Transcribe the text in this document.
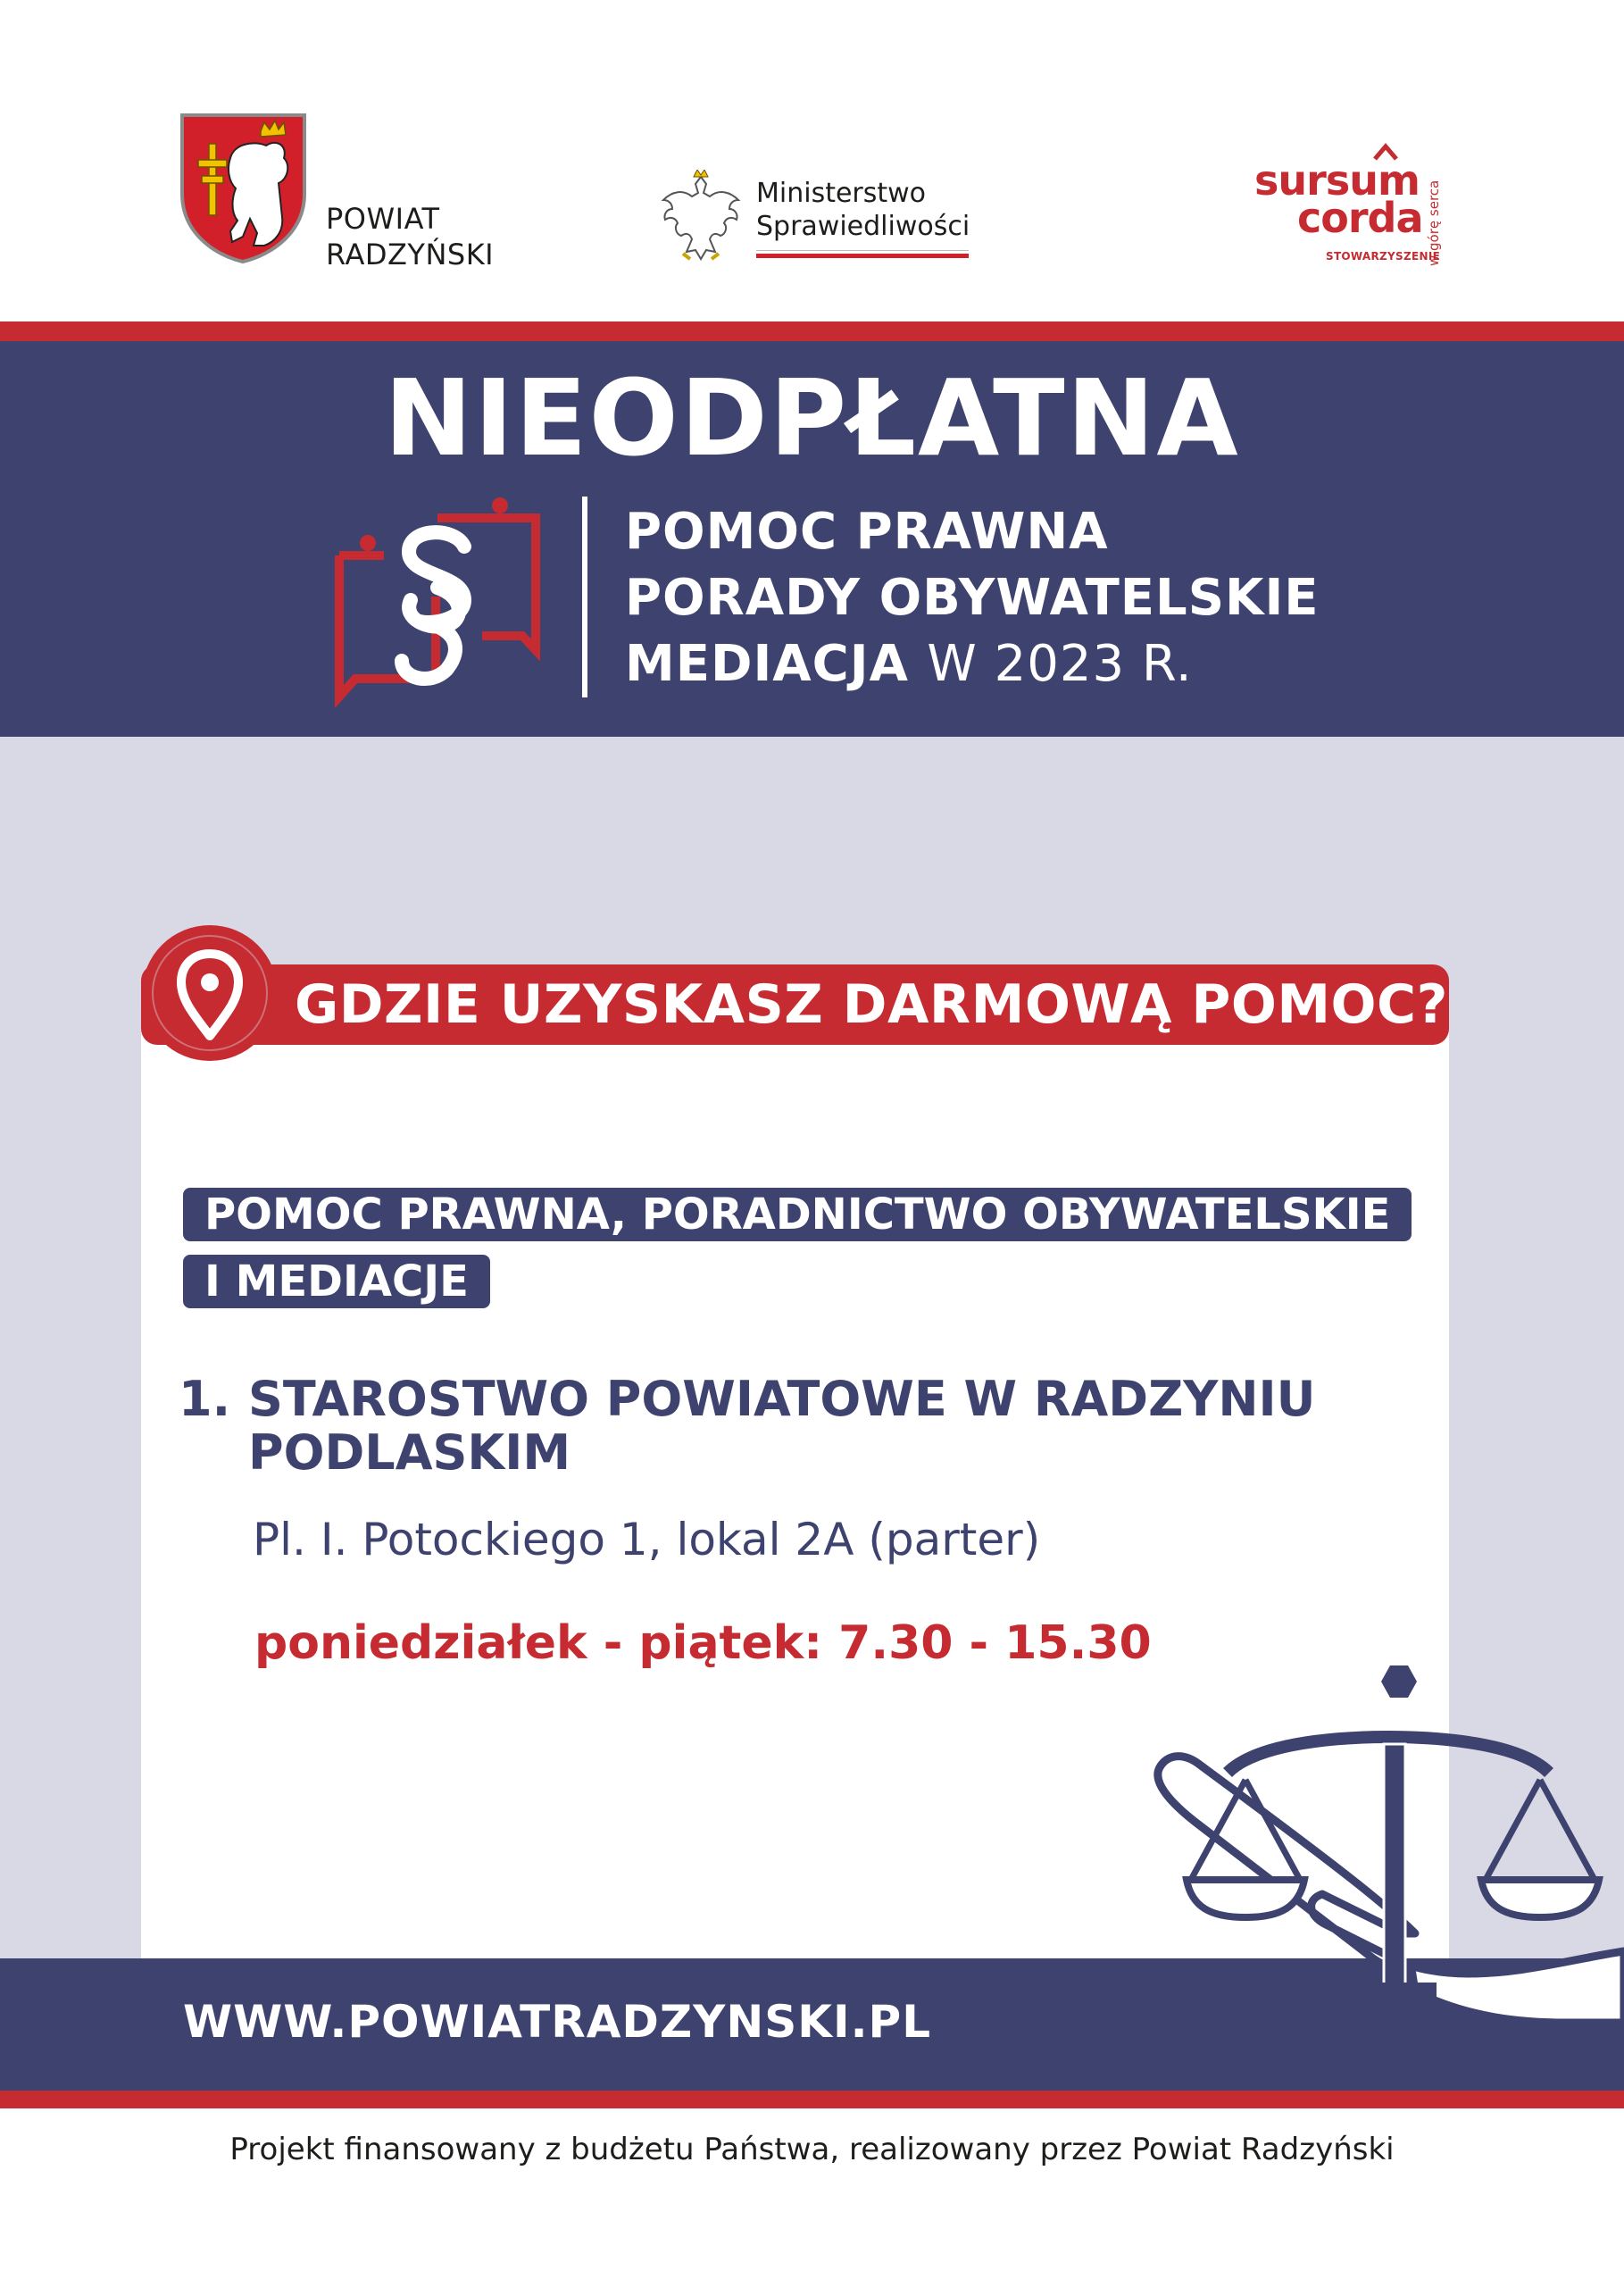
POWIAT
RADZYŃSKI
Ministerstwo
Sprawiedliwości
sursum
corda w górę serca
STOWARZYSZENIE
NIEODPŁATNA
POMOC PRAWNA
PORADY OBYWATELSKIE
MEDIACJA W 2023 R.
GDZIE UZYSKASZ DARMOWĄ POMOC?
POMOC PRAWNA, PORADNICTWO OBYWATELSKIE
I MEDIACJE
1. STAROSTWO POWIATOWE W RADZYNIU
PODLASKIM
Pl. I. Potockiego 1, lokal 2A (parter)
poniedziałek - piątek: 7.30 - 15.30
WWW.POWIATRADZYNSKI.PL
Projekt finansowany z budżetu Państwa, realizowany przez Powiat Radzyński
